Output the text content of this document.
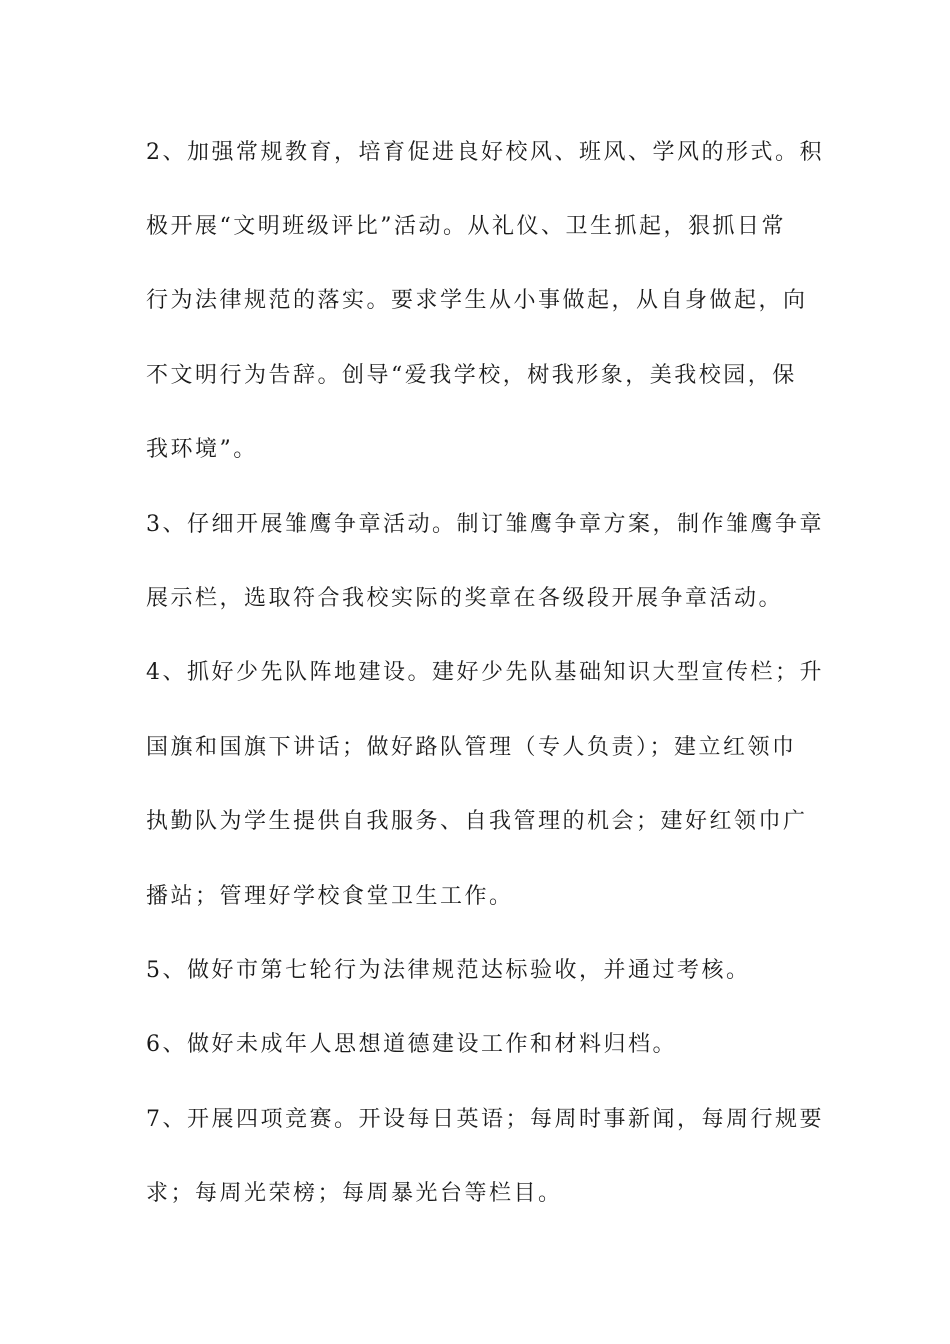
2、加强常规教育，培育促进良好校风、班风、学风的形式。积
极开展“文明班级评比”活动。从礼仪、卫生抓起，狠抓日常
行为法律规范的落实。要求学生从小事做起，从自身做起，向
不文明行为告辞。创导“爱我学校，树我形象，美我校园，保
我环境”。
3、仔细开展雏鹰争章活动。制订雏鹰争章方案，制作雏鹰争章
展示栏，选取符合我校实际的奖章在各级段开展争章活动。
4、抓好少先队阵地建设。建好少先队基础知识大型宣传栏；升
国旗和国旗下讲话；做好路队管理（专人负责）；建立红领巾
执勤队为学生提供自我服务、自我管理的机会；建好红领巾广
播站；管理好学校食堂卫生工作。
5、做好市第七轮行为法律规范达标验收，并通过考核。
6、做好未成年人思想道德建设工作和材料归档。
7、开展四项竞赛。开设每日英语；每周时事新闻，每周行规要
求；每周光荣榜；每周暴光台等栏目。
